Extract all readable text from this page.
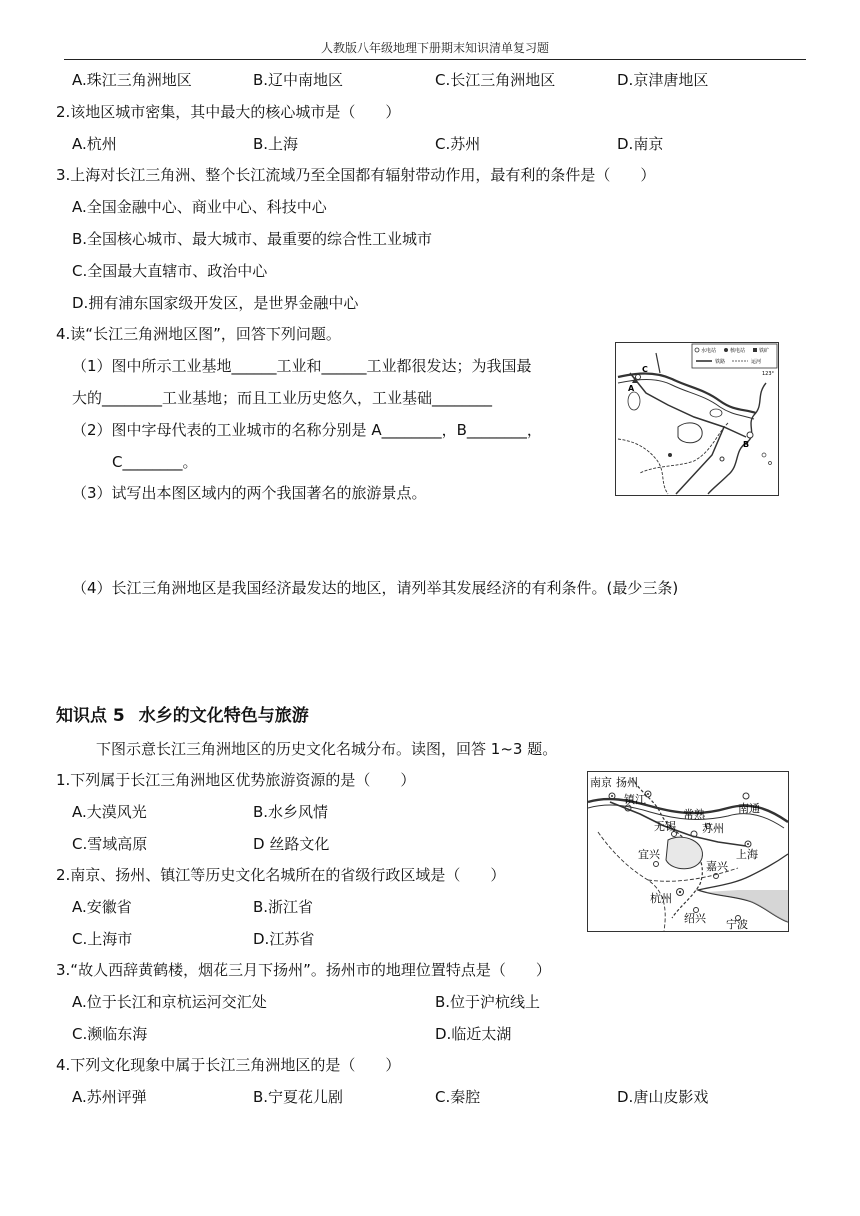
人教版八年级地理下册期末知识清单复习题
A.珠江三角洲地区	B.辽中南地区	C.长江三角洲地区	D.京津唐地区
2.该地区城市密集，其中最大的核心城市是（　　）
A.杭州	B.上海	C.苏州	D.南京
3.上海对长江三角洲、整个长江流域乃至全国都有辐射带动作用，最有利的条件是（　　）
A.全国金融中心、商业中心、科技中心
B.全国核心城市、最大城市、最重要的综合性工业城市
C.全国最大直辖市、政治中心
D.拥有浦东国家级开发区，是世界金融中心
4.读“长江三角洲地区图”，回答下列问题。
（1）图中所示工业基地______工业和______工业都很发达；为我国最
大的________工业基地；而且工业历史悠久，工业基础________
（2）图中字母代表的工业城市的名称分别是 A________，B________，
C________。
（3）试写出本图区域内的两个我国著名的旅游景点。
（4）长江三角洲地区是我国经济最发达的地区，请列举其发展经济的有利条件。(最少三条)
水电站	核电站	铁矿
铁路	运河
123°
C
A
B
知识点 5 水乡的文化特色与旅游
下图示意长江三角洲地区的历史文化名城分布。读图，回答 1~3 题。
1.下列属于长江三角洲地区优势旅游资源的是（　　）
A.大漠风光	B.水乡风情
C.雪域高原	D 丝路文化
2.南京、扬州、镇江等历史文化名城所在的省级行政区域是（　　）
A.安徽省	B.浙江省
C.上海市	D.江苏省
3.“故人西辞黄鹤楼，烟花三月下扬州”。扬州市的地理位置特点是（　　）
A.位于长江和京杭运河交汇处	B.位于沪杭线上
C.濒临东海	D.临近太湖
4.下列文化现象中属于长江三角洲地区的是（　　）
A.苏州评弹	B.宁夏花儿剧	C.秦腔	D.唐山皮影戏
南京 扬州
镇江
南通
常熟
无锡 苏州
宜兴	上海
嘉兴
杭州
绍兴 宁波
